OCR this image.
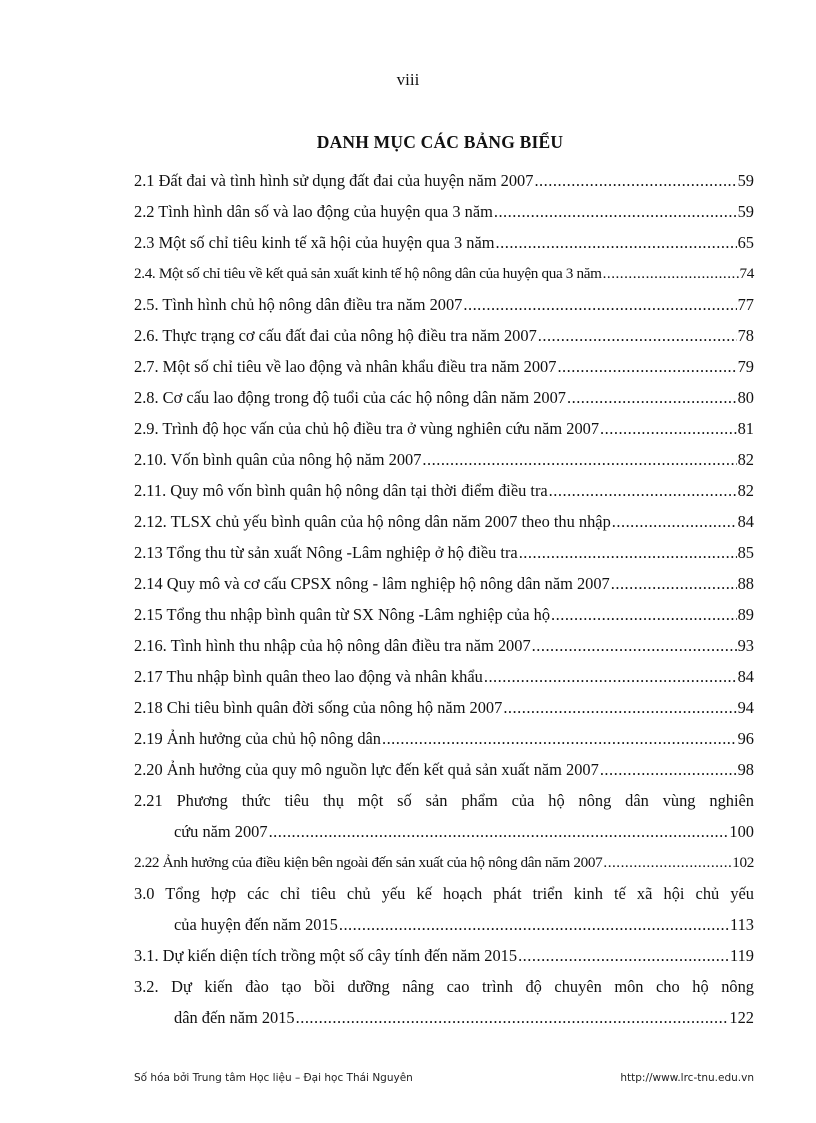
viii
DANH MỤC CÁC BẢNG BIỂU
2.1 Đất đai và tình hình sử dụng đất đai của huyện năm 2007 .....	59
2.2 Tình hình dân số và lao động của huyện qua 3 năm .....	59
2.3 Một số chỉ tiêu kinh tế xã hội của huyện qua 3 năm .....	65
2.4. Một số chỉ tiêu về kết quả sản xuất kinh tế hộ nông dân của huyện qua 3 năm .....	74
2.5. Tình hình chủ hộ nông dân điều tra năm 2007 .....	77
2.6. Thực trạng cơ cấu đất đai của nông hộ điều tra năm 2007 .....	78
2.7. Một số chỉ tiêu về lao động và nhân khẩu điều tra năm 2007 .....	79
2.8. Cơ cấu lao động trong độ tuổi của các hộ nông dân năm 2007 .....	80
2.9. Trình độ học vấn của chủ hộ điều tra ở vùng nghiên cứu năm 2007 .....	81
2.10. Vốn bình quân của nông hộ năm 2007 .....	82
2.11. Quy mô vốn bình quân hộ nông dân tại thời điểm điều tra .....	82
2.12. TLSX chủ yếu bình quân của hộ nông dân năm 2007 theo thu nhập .....	84
2.13 Tổng thu từ sản xuất Nông -Lâm nghiệp ở hộ điều tra .....	85
2.14 Quy mô và cơ cấu CPSX nông - lâm nghiệp hộ nông dân năm 2007 .....	88
2.15 Tổng thu nhập bình quân từ SX Nông -Lâm nghiệp của hộ .....	89
2.16. Tình hình thu nhập của hộ nông dân điều tra năm 2007 .....	93
2.17 Thu nhập bình quân theo lao động và nhân khẩu .....	84
2.18 Chi tiêu bình quân đời sống của nông hộ năm 2007 .....	94
2.19 Ảnh hưởng của chủ hộ nông dân .....	96
2.20 Ảnh hưởng của quy mô nguồn lực đến kết quả sản xuất năm 2007 .....	98
2.21 Phương thức tiêu thụ một số sản phẩm của hộ nông dân vùng nghiên
cứu năm 2007 .....	100
2.22 Ảnh hưởng của điều kiện bên ngoài đến sản xuất của hộ nông dân năm 2007 .....	102
3.0 Tổng hợp các chỉ tiêu chủ yếu kế hoạch phát triển kinh tế xã hội chủ yếu
của huyện đến năm 2015 .....	113
3.1. Dự kiến diện tích trồng một số cây tính đến năm 2015 .....	119
3.2. Dự kiến đào tạo bồi dưỡng nâng cao trình độ chuyên môn cho hộ nông
dân đến năm 2015 .....	122
Số hóa bởi Trung tâm Học liệu – Đại học Thái Nguyên	http://www.lrc-tnu.edu.vn
